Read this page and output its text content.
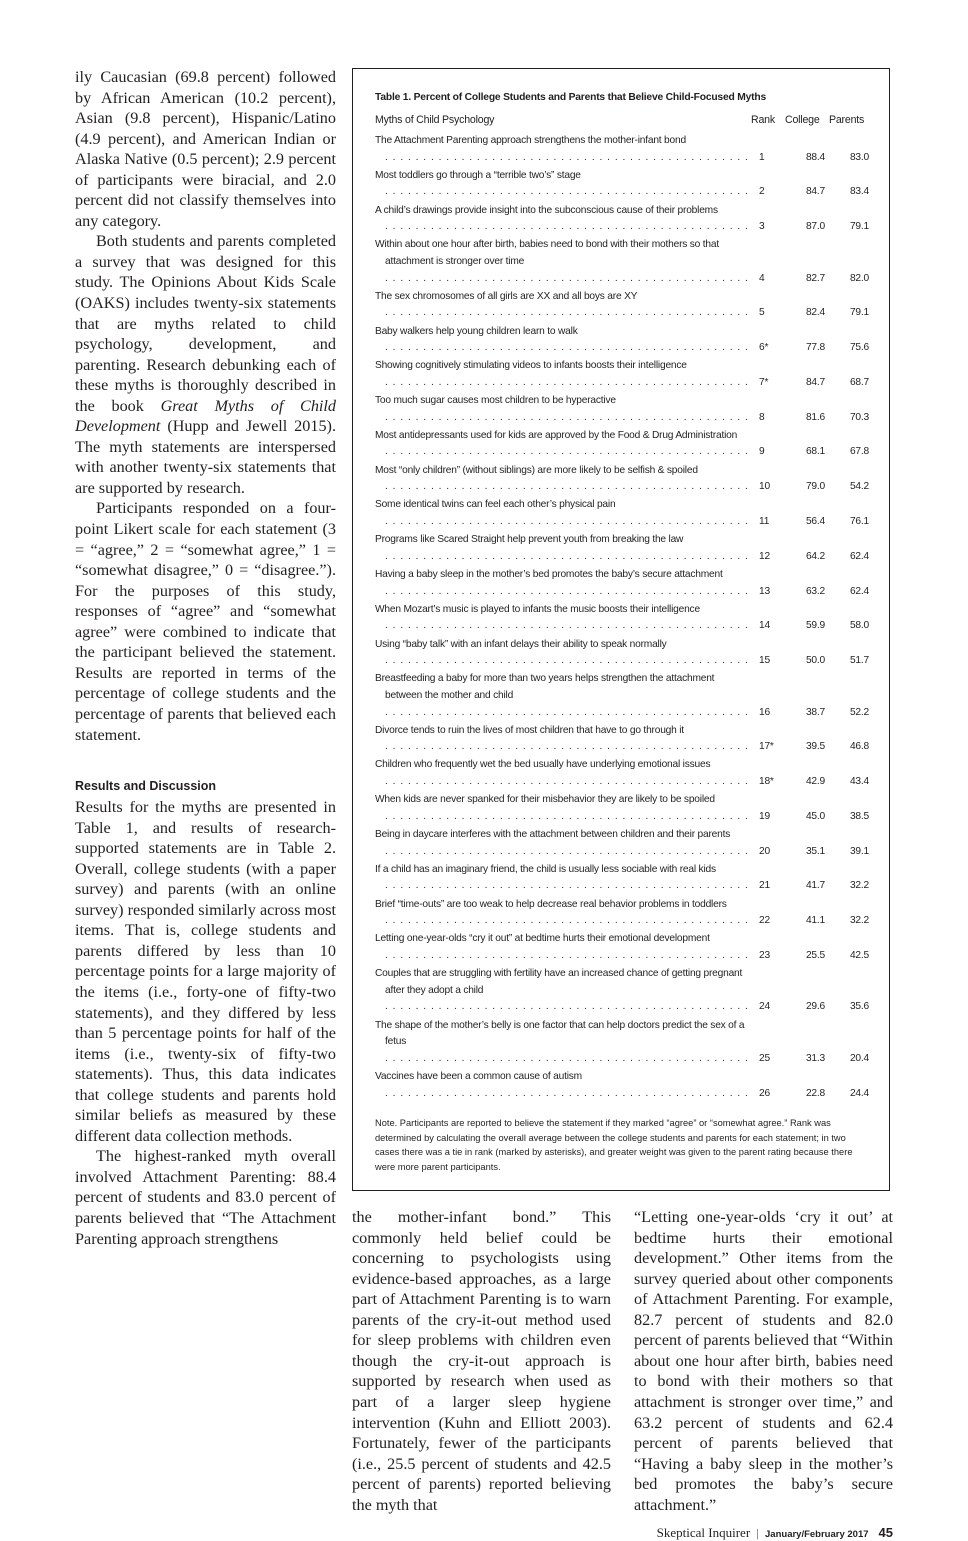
ily Caucasian (69.8 percent) followed by African American (10.2 percent), Asian (9.8 percent), Hispanic/Latino (4.9 percent), and American Indian or Alaska Native (0.5 percent); 2.9 percent of participants were biracial, and 2.0 percent did not classify themselves into any category.

Both students and parents completed a survey that was designed for this study. The Opinions About Kids Scale (OAKS) includes twenty-six statements that are myths related to child psychology, development, and parenting. Research debunking each of these myths is thoroughly described in the book Great Myths of Child Development (Hupp and Jewell 2015). The myth statements are interspersed with another twenty-six statements that are supported by research.

Participants responded on a four-point Likert scale for each statement (3 = “agree,” 2 = “somewhat agree,” 1 = “somewhat disagree,” 0 = “disagree.”). For the purposes of this study, responses of “agree” and “somewhat agree” were combined to indicate that the participant believed the statement. Results are reported in terms of the percentage of college students and the percentage of parents that believed each statement.

Results and Discussion

Results for the myths are presented in Table 1, and results of research-supported statements are in Table 2. Overall, college students (with a paper survey) and parents (with an online survey) responded similarly across most items. That is, college students and parents differed by less than 10 percentage points for a large majority of the items (i.e., forty-one of fifty-two statements), and they differed by less than 5 percentage points for half of the items (i.e., twenty-six of fifty-two statements). Thus, this data indicates that college students and parents hold similar beliefs as measured by these different data collection methods.

The highest-ranked myth overall involved Attachment Parenting: 88.4 percent of students and 83.0 percent of parents believed that “The Attachment Parenting approach strengthens

Table 1. Percent of College Students and Parents that Believe Child-Focused Myths
Myths of Child Psychology	Rank College Parents
The Attachment Parenting approach strengthens the mother-infant bond . . .
1	88.4	83.0
Most toddlers go through a “terrible two’s” stage . . .
2	84.7	83.4
A child’s drawings provide insight into the subconscious cause of their problems . . .
3	87.0	79.1
Within about one hour after birth, babies need to bond with their mothers so that attachment is stronger over time . . .
4	82.7	82.0
The sex chromosomes of all girls are XX and all boys are XY . . .
5	82.4	79.1
Baby walkers help young children learn to walk . . .
6*	77.8	75.6
Showing cognitively stimulating videos to infants boosts their intelligence . . .
7*	84.7	68.7
Too much sugar causes most children to be hyperactive . . .
8	81.6	70.3
Most antidepressants used for kids are approved by the Food & Drug Administration . . .
9	68.1	67.8
Most “only children” (without siblings) are more likely to be selfish & spoiled . . .
10	79.0	54.2
Some identical twins can feel each other’s physical pain . . .
11	56.4	76.1
Programs like Scared Straight help prevent youth from breaking the law . . .
12	64.2	62.4
Having a baby sleep in the mother’s bed promotes the baby’s secure attachment . . .
13	63.2	62.4
When Mozart’s music is played to infants the music boosts their intelligence . . .
14	59.9	58.0
Using “baby talk” with an infant delays their ability to speak normally . . .
15	50.0	51.7
Breastfeeding a baby for more than two years helps strengthen the attachment between the mother and child . . .
16	38.7	52.2
Divorce tends to ruin the lives of most children that have to go through it . . .
17*	39.5	46.8
Children who frequently wet the bed usually have underlying emotional issues . . .
18*	42.9	43.4
When kids are never spanked for their misbehavior they are likely to be spoiled . . .
19	45.0	38.5
Being in daycare interferes with the attachment between children and their parents . . .
20	35.1	39.1
If a child has an imaginary friend, the child is usually less sociable with real kids . . .
21	41.7	32.2
Brief “time-outs” are too weak to help decrease real behavior problems in toddlers . . .
22	41.1	32.2
Letting one-year-olds “cry it out” at bedtime hurts their emotional development . . .
23	25.5	42.5
Couples that are struggling with fertility have an increased chance of getting pregnant after they adopt a child . . .
24	29.6	35.6
The shape of the mother’s belly is one factor that can help doctors predict the sex of a fetus . . .
25	31.3	20.4
Vaccines have been a common cause of autism . . .
26	22.8	24.4
Note. Participants are reported to believe the statement if they marked “agree” or “somewhat agree.” Rank was determined by calculating the overall average between the college students and parents for each statement; in two cases there was a tie in rank (marked by asterisks), and greater weight was given to the parent rating because there were more parent participants.

the mother-infant bond.” This commonly held belief could be concerning to psychologists using evidence-based approaches, as a large part of Attachment Parenting is to warn parents of the cry-it-out method used for sleep problems with children even though the cry-it-out approach is supported by research when used as part of a larger sleep hygiene intervention (Kuhn and Elliott 2003). Fortunately, fewer of the participants (i.e., 25.5 percent of students and 42.5 percent of parents) reported believing the myth that

“Letting one-year-olds ‘cry it out’ at bedtime hurts their emotional development.” Other items from the survey queried about other components of Attachment Parenting. For example, 82.7 percent of students and 82.0 percent of parents believed that “Within about one hour after birth, babies need to bond with their mothers so that attachment is stronger over time,” and 63.2 percent of students and 62.4 percent of parents believed that “Having a baby sleep in the mother’s bed promotes the baby’s secure attachment.”

Skeptical Inquirer | January/February 2017 45
